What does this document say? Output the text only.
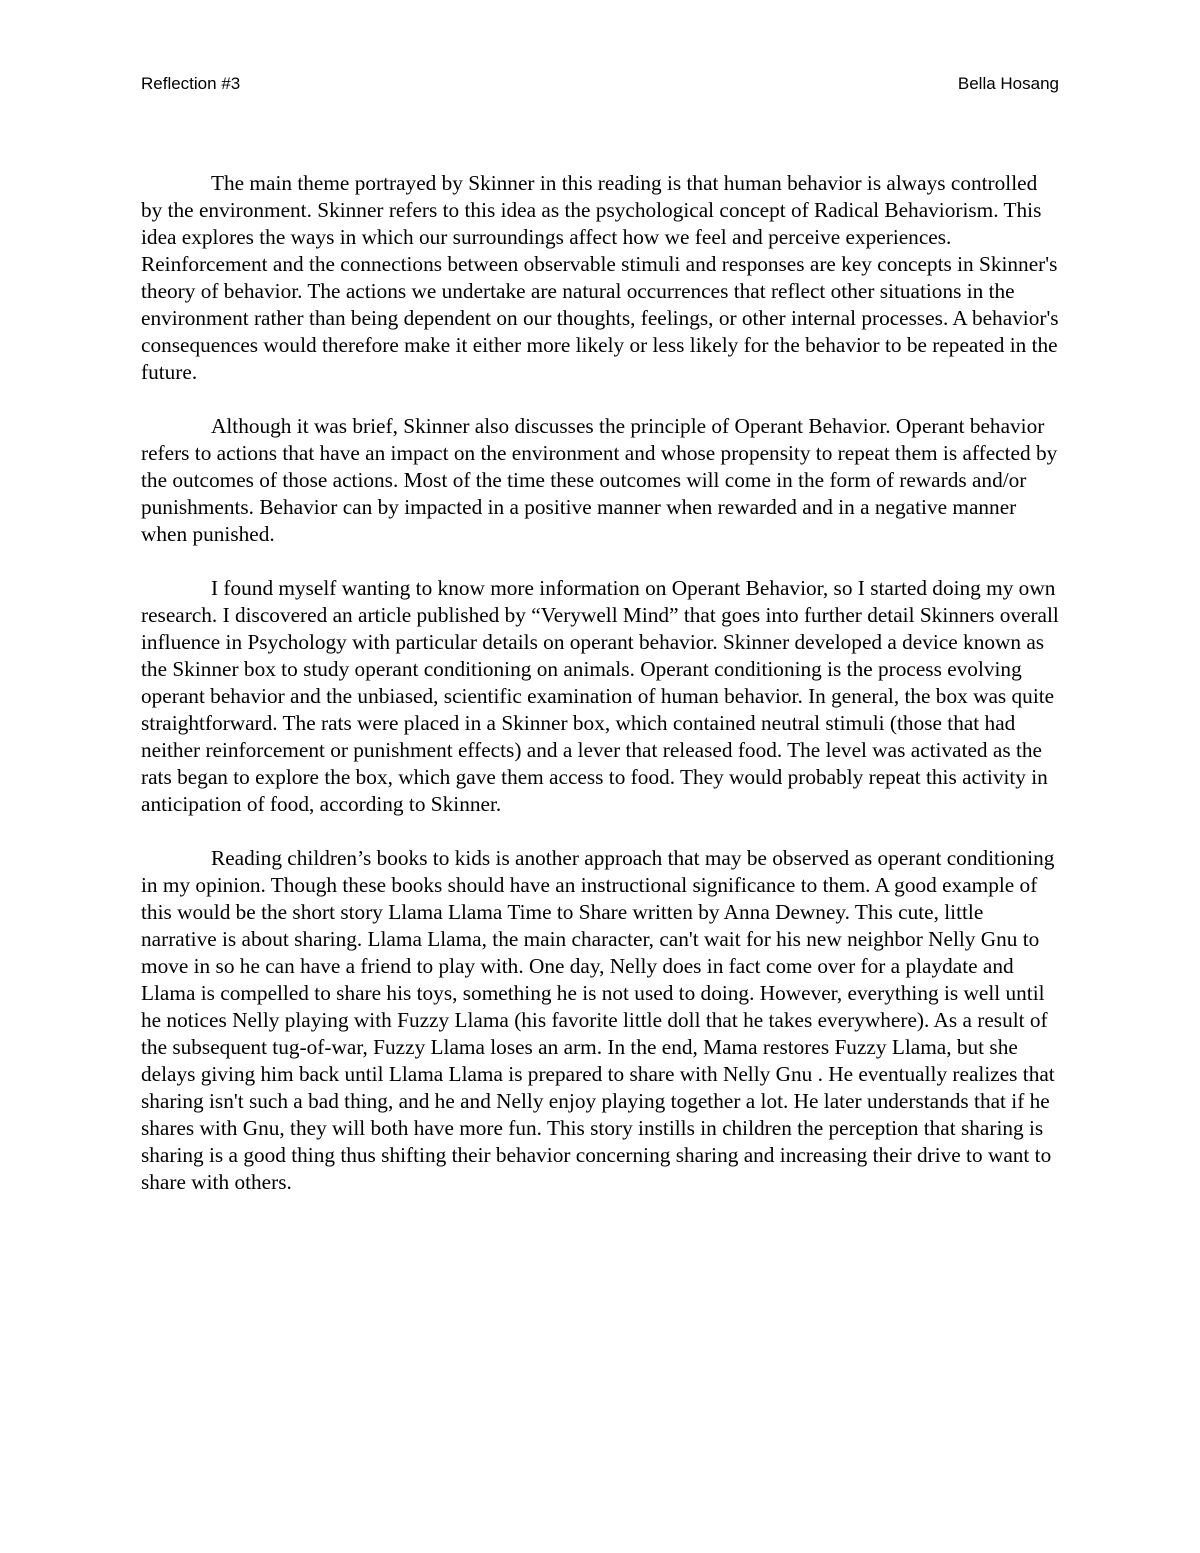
Reflection #3	Bella Hosang

The main theme portrayed by Skinner in this reading is that human behavior is always controlled by the environment. Skinner refers to this idea as the psychological concept of Radical Behaviorism. This idea explores the ways in which our surroundings affect how we feel and perceive experiences. Reinforcement and the connections between observable stimuli and responses are key concepts in Skinner's theory of behavior. The actions we undertake are natural occurrences that reflect other situations in the environment rather than being dependent on our thoughts, feelings, or other internal processes. A behavior's consequences would therefore make it either more likely or less likely for the behavior to be repeated in the future.

Although it was brief, Skinner also discusses the principle of Operant Behavior. Operant behavior refers to actions that have an impact on the environment and whose propensity to repeat them is affected by the outcomes of those actions. Most of the time these outcomes will come in the form of rewards and/or punishments. Behavior can by impacted in a positive manner when rewarded and in a negative manner when punished.

I found myself wanting to know more information on Operant Behavior, so I started doing my own research. I discovered an article published by “Verywell Mind” that goes into further detail Skinners overall influence in Psychology with particular details on operant behavior. Skinner developed a device known as the Skinner box to study operant conditioning on animals. Operant conditioning is the process evolving operant behavior and the unbiased, scientific examination of human behavior. In general, the box was quite straightforward. The rats were placed in a Skinner box, which contained neutral stimuli (those that had neither reinforcement or punishment effects) and a lever that released food. The level was activated as the rats began to explore the box, which gave them access to food. They would probably repeat this activity in anticipation of food, according to Skinner.

Reading children’s books to kids is another approach that may be observed as operant conditioning in my opinion. Though these books should have an instructional significance to them. A good example of this would be the short story Llama Llama Time to Share written by Anna Dewney. This cute, little narrative is about sharing. Llama Llama, the main character, can't wait for his new neighbor Nelly Gnu to move in so he can have a friend to play with. One day, Nelly does in fact come over for a playdate and Llama is compelled to share his toys, something he is not used to doing. However, everything is well until he notices Nelly playing with Fuzzy Llama (his favorite little doll that he takes everywhere). As a result of the subsequent tug-of-war, Fuzzy Llama loses an arm. In the end, Mama restores Fuzzy Llama, but she delays giving him back until Llama Llama is prepared to share with Nelly Gnu . He eventually realizes that sharing isn't such a bad thing, and he and Nelly enjoy playing together a lot. He later understands that if he shares with Gnu, they will both have more fun. This story instills in children the perception that sharing is sharing is a good thing thus shifting their behavior concerning sharing and increasing their drive to want to share with others.
